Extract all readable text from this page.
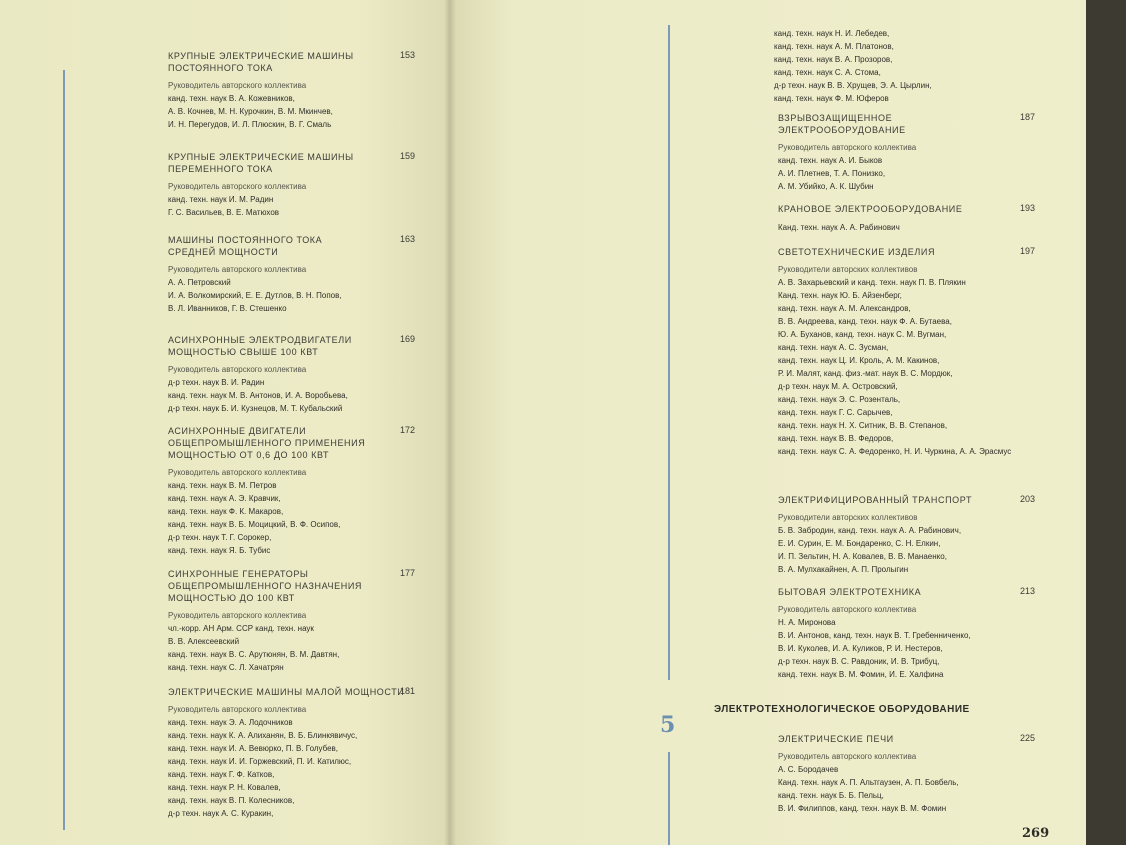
КРУПНЫЕ ЭЛЕКТРИЧЕСКИЕ МАШИНЫ
ПОСТОЯННОГО ТОКА
Руководитель авторского коллектива
канд. техн. наук В. А. Кожевников,
А. В. Кочнев, М. Н. Курочкин, В. М. Мкинчев,
И. Н. Перегудов, И. Л. Плюскин, В. Г. Смаль
153
КРУПНЫЕ ЭЛЕКТРИЧЕСКИЕ МАШИНЫ
ПЕРЕМЕННОГО ТОКА
Руководитель авторского коллектива
канд. техн. наук И. М. Радин
Г. С. Васильев, В. Е. Матюхов
159
МАШИНЫ ПОСТОЯННОГО ТОКА
СРЕДНЕЙ МОЩНОСТИ
Руководитель авторского коллектива
А. А. Петровский
И. А. Волкомирский, Е. Е. Дутлов, В. Н. Попов,
В. Л. Иванников, Г. В. Стешенко
163
АСИНХРОННЫЕ ЭЛЕКТРОДВИГАТЕЛИ
МОЩНОСТЬЮ СВЫШЕ 100 КВТ
Руководитель авторского коллектива
д-р техн. наук В. И. Радин
канд. техн. наук М. В. Антонов, И. А. Воробьева,
д-р техн. наук Б. И. Кузнецов, М. Т. Кубальский
169
АСИНХРОННЫЕ ДВИГАТЕЛИ
ОБЩЕПРОМЫШЛЕННОГО ПРИМЕНЕНИЯ
МОЩНОСТЬЮ ОТ 0,6 ДО 100 КВТ
Руководитель авторского коллектива
канд. техн. наук В. М. Петров
канд. техн. наук А. Э. Кравчик,
канд. техн. наук Ф. К. Макаров,
канд. техн. наук В. Б. Моцицкий, В. Ф. Осипов,
д-р техн. наук Т. Г. Сорокер,
канд. техн. наук Я. Б. Тубис
172
СИНХРОННЫЕ ГЕНЕРАТОРЫ
ОБЩЕПРОМЫШЛЕННОГО НАЗНАЧЕНИЯ
МОЩНОСТЬЮ ДО 100 КВТ
Руководитель авторского коллектива
чл.-корр. АН Арм. ССР канд. техн. наук
В. В. Алексеевский
канд. техн. наук В. С. Арутюнян, В. М. Давтян,
канд. техн. наук С. Л. Хачатрян
177
ЭЛЕКТРИЧЕСКИЕ МАШИНЫ МАЛОЙ МОЩНОСТИ
Руководитель авторского коллектива
канд. техн. наук Э. А. Лодочников
канд. техн. наук К. А. Алиханян, В. Б. Блинкявичус,
канд. техн. наук И. А. Вевюрко, П. В. Голубев,
канд. техн. наук И. И. Горжевский, П. И. Катилюс,
канд. техн. наук Г. Ф. Катков,
канд. техн. наук Р. Н. Ковалев,
канд. техн. наук В. П. Колесников,
д-р техн. наук А. С. Куракин,
181
канд. техн. наук Н. И. Лебедев,
канд. техн. наук А. М. Платонов,
канд. техн. наук В. А. Прозоров,
канд. техн. наук С. А. Стома,
д-р техн. наук В. В. Хрущев, Э. А. Цырлин,
канд. техн. наук Ф. М. Юферов
ВЗРЫВОЗАЩИЩЕННОЕ
ЭЛЕКТРООБОРУДОВАНИЕ
Руководитель авторского коллектива
канд. техн. наук А. И. Быков
А. И. Плетнев, Т. А. Понизко,
А. М. Убийко, А. К. Шубин
187
КРАНОВОЕ ЭЛЕКТРООБОРУДОВАНИЕ
Канд. техн. наук А. А. Рабинович
193
СВЕТОТЕХНИЧЕСКИЕ ИЗДЕЛИЯ
Руководители авторских коллективов
А. В. Захарьевский и канд. техн. наук П. В. Плякин
Канд. техн. наук Ю. Б. Айзенберг,
канд. техн. наук А. М. Александров,
В. В. Андреева, канд. техн. наук Ф. А. Бутаева,
Ю. А. Буханов, канд. техн. наук С. М. Вугман,
канд. техн. наук А. С. Зусман,
канд. техн. наук Ц. И. Кроль, А. М. Какинов,
Р. И. Малят, канд. физ.-мат. наук В. С. Мордюк,
д-р техн. наук М. А. Островский,
канд. техн. наук Э. С. Розенталь,
канд. техн. наук Г. С. Сарычев,
канд. техн. наук Н. Х. Ситник, В. В. Степанов,
канд. техн. наук В. В. Федоров,
канд. техн. наук С. А. Федоренко, Н. И. Чуркина, А. А. Эрасмус
197
ЭЛЕКТРИФИЦИРОВАННЫЙ ТРАНСПОРТ
Руководители авторских коллективов
Б. В. Забродин, канд. техн. наук А. А. Рабинович,
Е. И. Сурин, Е. М. Бондаренко, С. Н. Елкин,
И. П. Зельтин, Н. А. Ковалев, В. В. Манаенко,
В. А. Мулхакайнен, А. П. Пролыгин
203
БЫТОВАЯ ЭЛЕКТРОТЕХНИКА
Руководитель авторского коллектива
Н. А. Миронова
В. И. Антонов, канд. техн. наук В. Т. Гребенниченко,
В. И. Куколев, И. А. Куликов, Р. И. Нестеров,
д-р техн. наук В. С. Равдоник, И. В. Трибуц,
канд. техн. наук В. М. Фомин, И. Е. Халфина
213
ЭЛЕКТРИЧЕСКИЕ ПЕЧИ
Руководитель авторского коллектива
А. С. Бородачев
Канд. техн. наук А. П. Альтгаузен, А. П. Бовбель,
канд. техн. наук Б. Б. Пельц,
В. И. Филиппов, канд. техн. наук В. М. Фомин
225
5
ЭЛЕКТРОТЕХНОЛОГИЧЕСКОЕ ОБОРУДОВАНИЕ
269
